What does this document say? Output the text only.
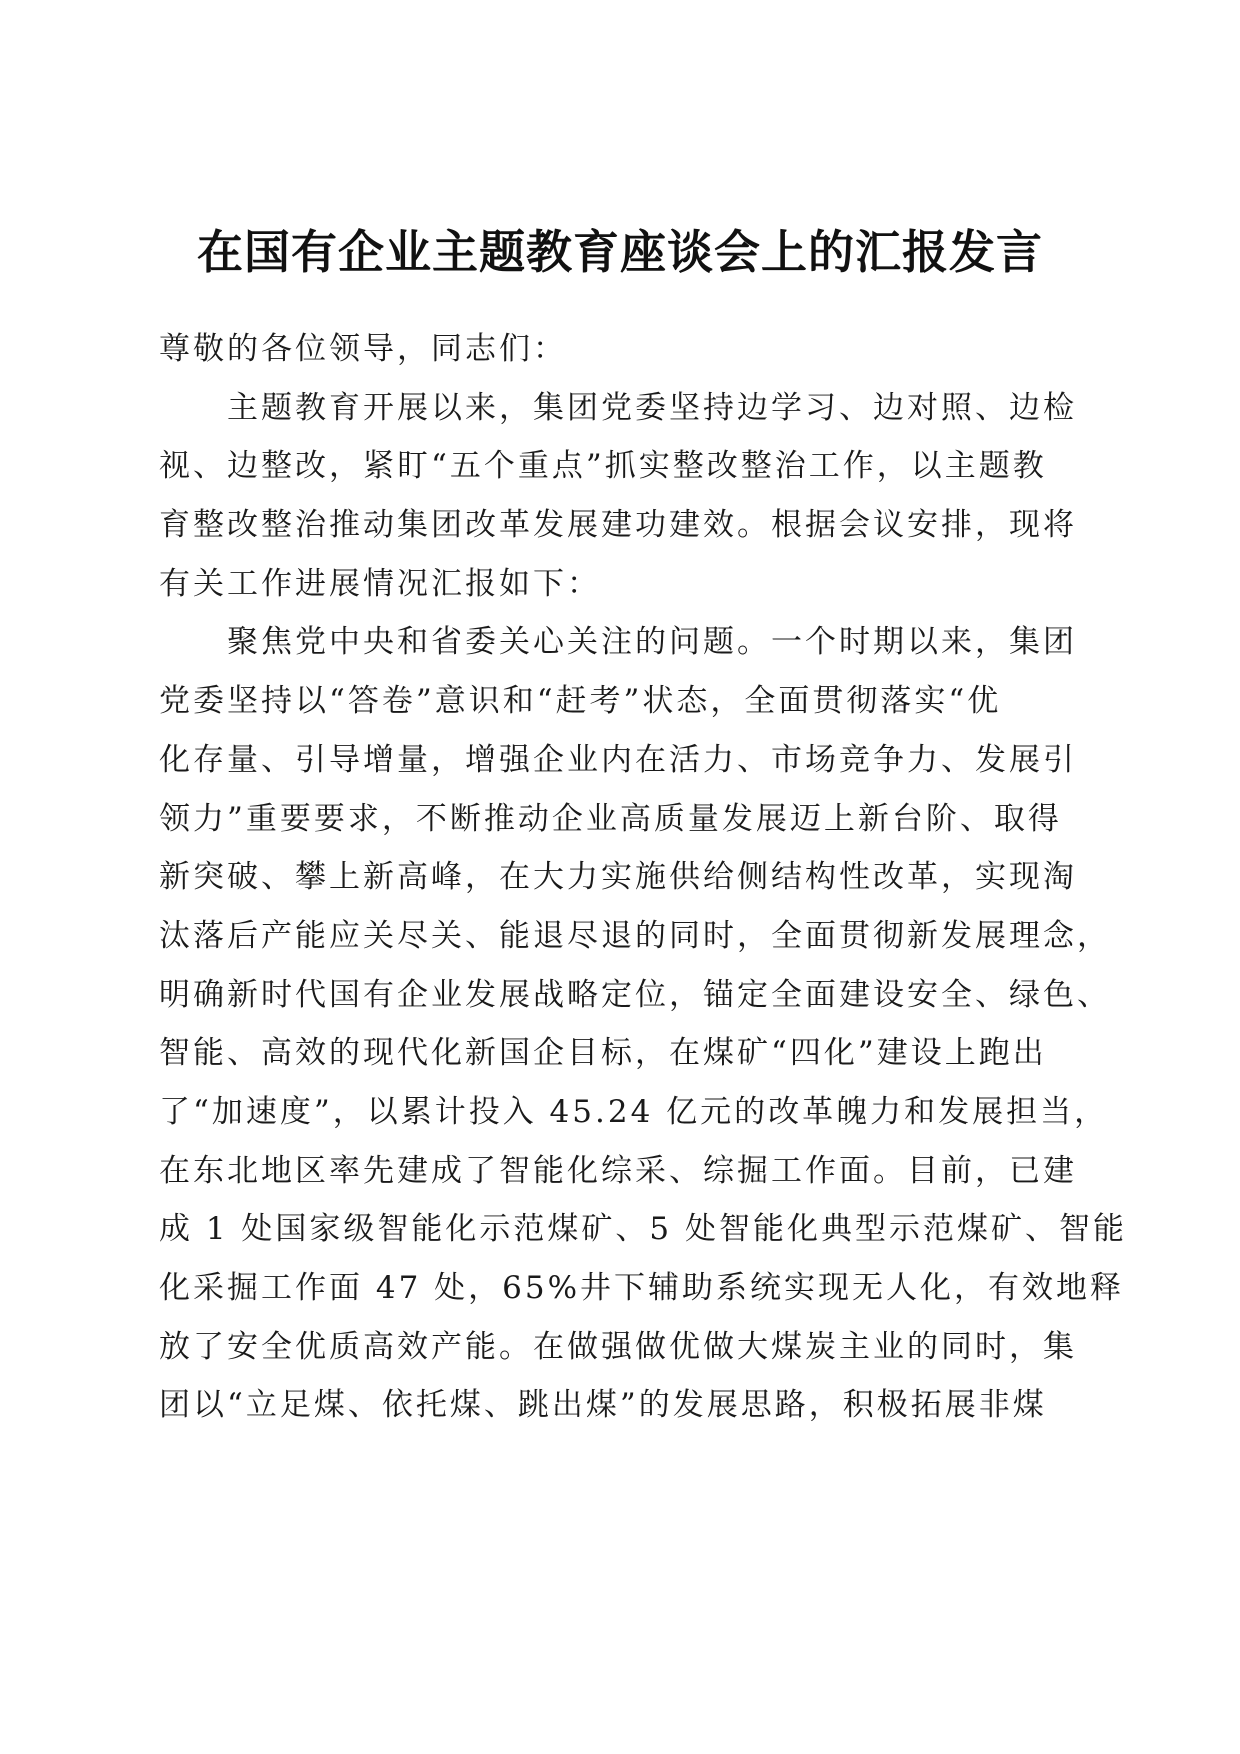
在国有企业主题教育座谈会上的汇报发言
尊敬的各位领导，同志们：
主题教育开展以来，集团党委坚持边学习、边对照、边检
视、边整改，紧盯“五个重点”抓实整改整治工作，以主题教
育整改整治推动集团改革发展建功建效。根据会议安排，现将
有关工作进展情况汇报如下：
聚焦党中央和省委关心关注的问题。一个时期以来，集团
党委坚持以“答卷”意识和“赶考”状态，全面贯彻落实“优
化存量、引导增量，增强企业内在活力、市场竞争力、发展引
领力”重要要求，不断推动企业高质量发展迈上新台阶、取得
新突破、攀上新高峰，在大力实施供给侧结构性改革，实现淘
汰落后产能应关尽关、能退尽退的同时，全面贯彻新发展理念，
明确新时代国有企业发展战略定位，锚定全面建设安全、绿色、
智能、高效的现代化新国企目标，在煤矿“四化”建设上跑出
了“加速度”，以累计投入 45.24 亿元的改革魄力和发展担当，
在东北地区率先建成了智能化综采、综掘工作面。目前，已建
成 1 处国家级智能化示范煤矿、5 处智能化典型示范煤矿、智能
化采掘工作面 47 处，65%井下辅助系统实现无人化，有效地释
放了安全优质高效产能。在做强做优做大煤炭主业的同时，集
团以“立足煤、依托煤、跳出煤”的发展思路，积极拓展非煤
